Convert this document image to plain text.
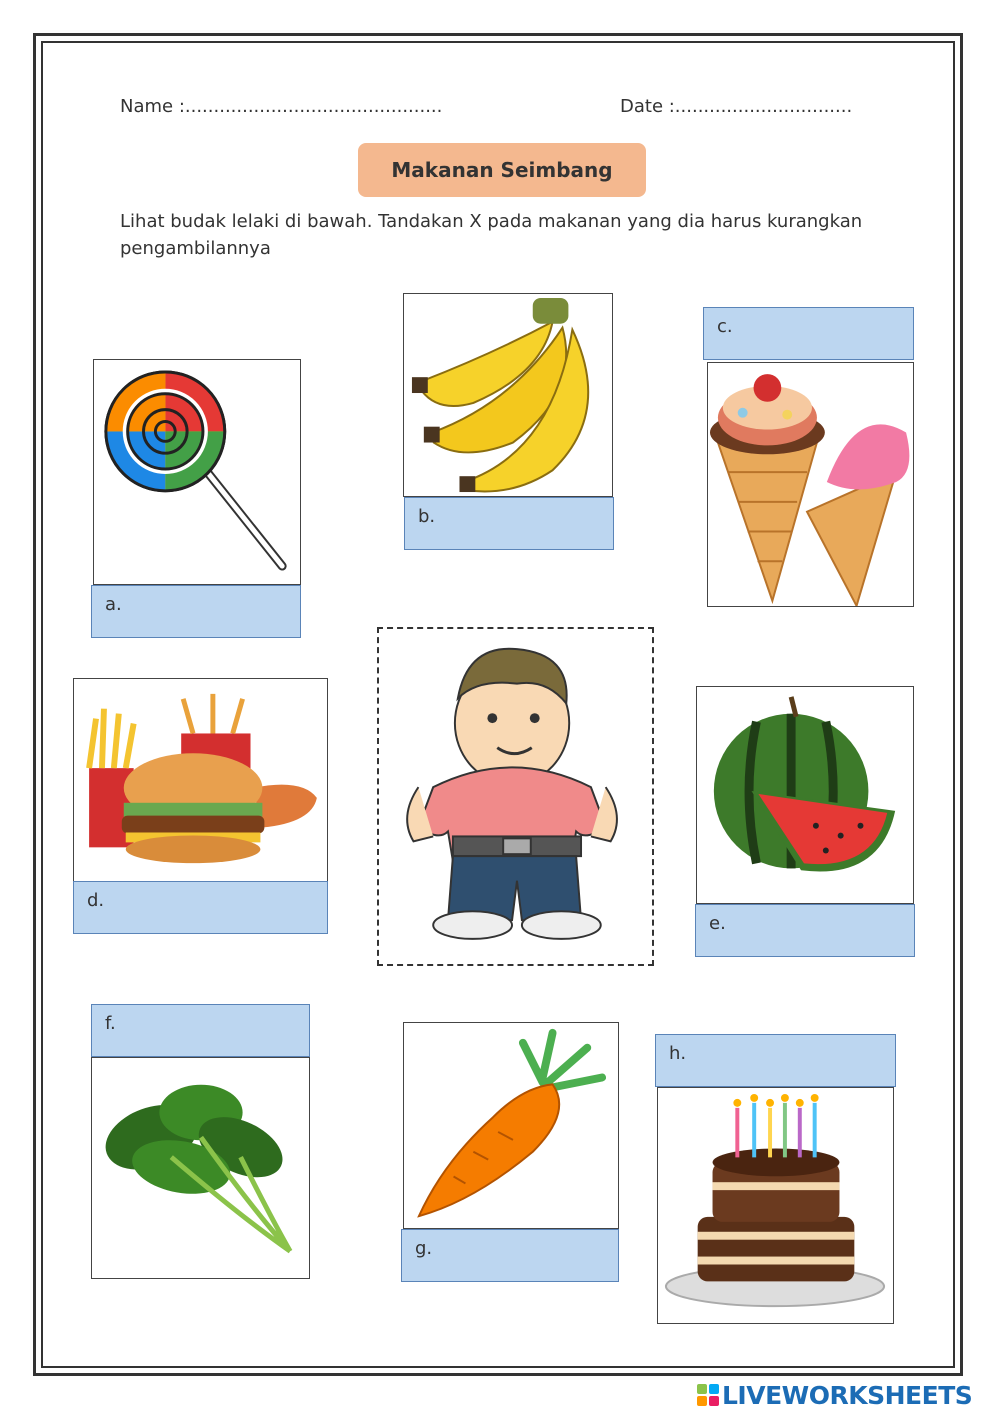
Name :.............................................	Date :...............................
Makanan Seimbang
Lihat budak lelaki di bawah. Tandakan X pada makanan yang dia harus kurangkan pengambilannya
a.
b.
c.
d.
e.
f.
g.
h.
LIVEWORKSHEETS
